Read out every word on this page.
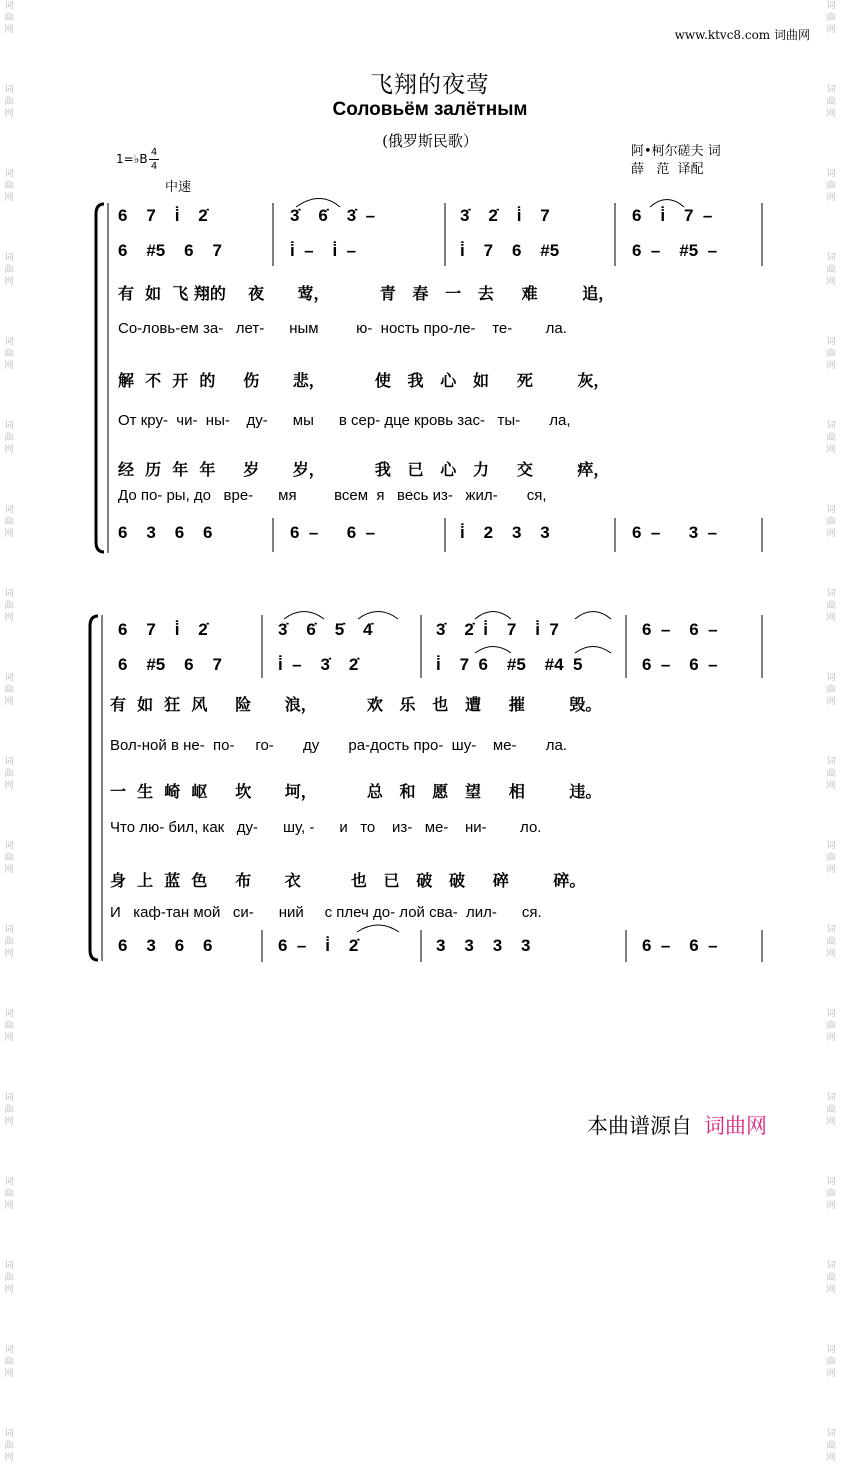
词
曲
网

词
曲
网

词
曲
网

词
曲
网

词
曲
网

词
曲
网

词
曲
网

词
曲
网

词
曲
网

词
曲
网

词
曲
网

词
曲
网

词
曲
网

词
曲
网

词
曲
网

词
曲
网

词
曲
网

词
曲
网
词
曲
网

词
曲
网

词
曲
网

词
曲
网

词
曲
网

词
曲
网

词
曲
网

词
曲
网

词
曲
网

词
曲
网

词
曲
网

词
曲
网

词
曲
网

词
曲
网

词
曲
网

词
曲
网

词
曲
网

词
曲
网
www.ktvc8.com 词曲网
飞翔的夜莺
Соловьём залётным
(俄罗斯民歌）
阿•柯尔磋夫 词
薛   范  译配
1=♭B 4
4
中速
6    7    i̇    2̇	3̇    6̇    3̇  –	3̇    2̇    i̇    7	6    i̇    7  –
6    #5    6    7	i̇  –    i̇  –	i̇    7    6    #5	6  –    #5  –
有  如  飞 翔的    夜      莺，         青   春   一   去     难        追，
Со-ловь-ем за-   лет-      ным         ю-  ность про-ле-    те-        ла.
解  不  开  的     伤      悲，         使   我   心   如     死        灰，
От кру-  чи-  ны-    ду-      мы      в сер- дце кровь зас-   ты-       ла,
经  历  年  年     岁      岁，         我   已   心   力     交        瘁，
До по- ры, до   вре-      мя         всем  я   весь из-   жил-       ся,
6    3    6    6	6  –      6  –	i̇    2    3    3	6  –      3  –
6    7    i̇    2̇	3̇    6̇    5̇    4̇	3̇    2̇  i̇    7    i̇  7	6  –    6  –
6    #5    6    7	i̇  –    3̇    2̇	i̇    7  6    #5    #4  5	6  –    6  –
有  如  狂  风     险      浪，         欢   乐   也   遭     摧        毁。
Вол-ной в не-  по-     го-       ду       ра-дость про-  шу-    ме-       ла.
一  生  崎  岖     坎      坷，         总   和   愿   望     相        违。
Что лю- бил, как   ду-      шу, -      и   то    из-   ме-    ни-        ло.
身  上  蓝  色     布      衣         也   已   破   破     碎        碎。
И   каф-тан мой   си-      ний     с плеч до- лой сва-  лил-      ся.
6    3    6    6	6  –    i̇    2̇	3    3    3    3	6  –    6  –
本曲谱源自 词曲网
